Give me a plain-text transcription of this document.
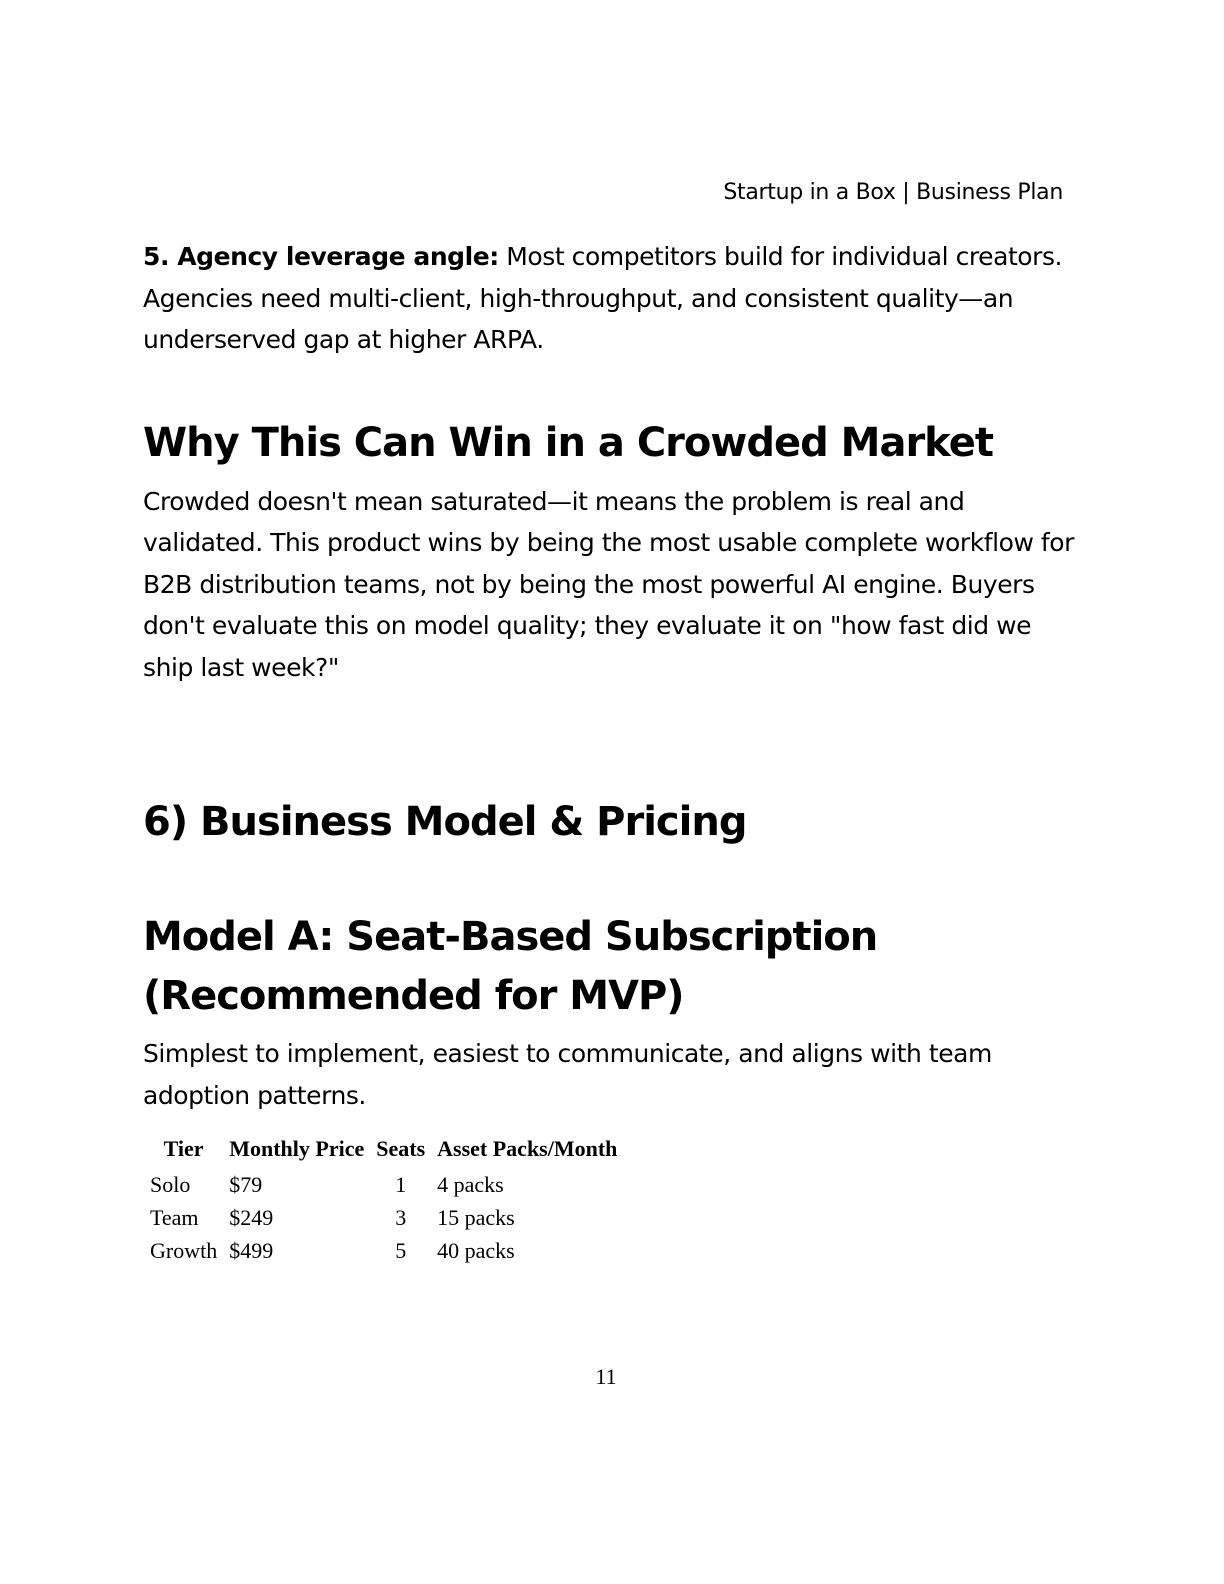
Startup in a Box | Business Plan

5. Agency leverage angle: Most competitors build for individual creators. Agencies need multi-client, high-throughput, and consistent quality—an underserved gap at higher ARPA.

Why This Can Win in a Crowded Market

Crowded doesn't mean saturated—it means the problem is real and validated. This product wins by being the most usable complete workflow for B2B distribution teams, not by being the most powerful AI engine. Buyers don't evaluate this on model quality; they evaluate it on "how fast did we ship last week?"

6) Business Model & Pricing
Model A: Seat-Based Subscription (Recommended for MVP)

Simplest to implement, easiest to communicate, and aligns with team adoption patterns.

Tier	Monthly Price	Seats	Asset Packs/Month
Solo	$79	1	4 packs
Team	$249	3	15 packs
Growth	$499	5	40 packs
11
